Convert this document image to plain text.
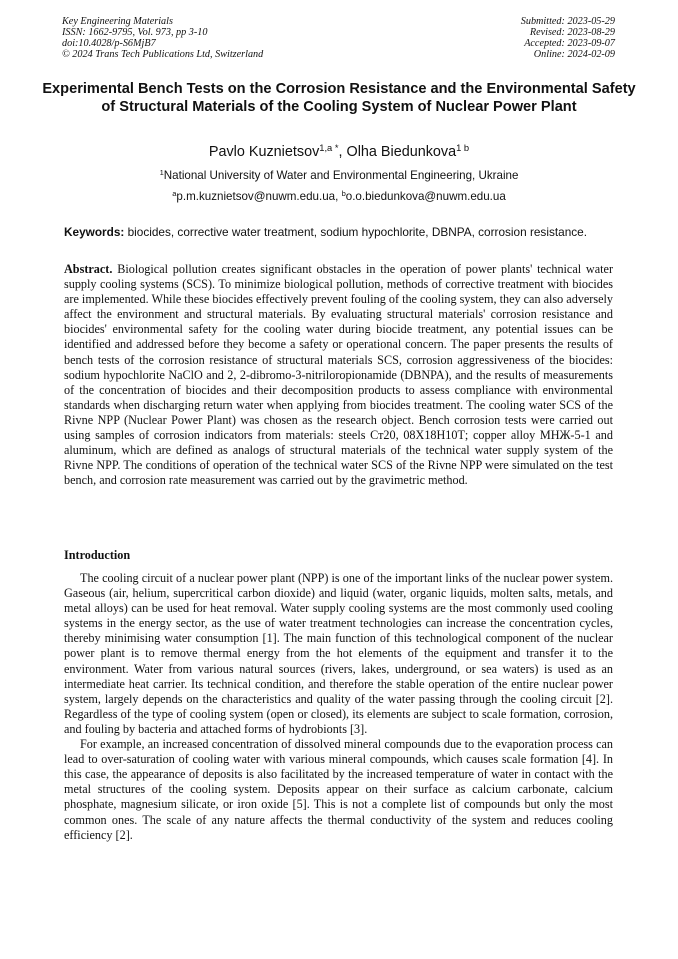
Key Engineering Materials
ISSN: 1662-9795, Vol. 973, pp 3-10
doi:10.4028/p-S6MjB7
© 2024 Trans Tech Publications Ltd, Switzerland
Submitted: 2023-05-29
Revised: 2023-08-29
Accepted: 2023-09-07
Online: 2024-02-09
Experimental Bench Tests on the Corrosion Resistance and the Environmental Safety of Structural Materials of the Cooling System of Nuclear Power Plant
Pavlo Kuznietsov$^{1,a *}$, Olha Biedunkova$^{1 b}$
$^1$National University of Water and Environmental Engineering, Ukraine
$^a$p.m.kuznietsov@nuwm.edu.ua, $^b$o.o.biedunkova@nuwm.edu.ua
Keywords: biocides, corrective water treatment, sodium hypochlorite, DBNPA, corrosion resistance.

Abstract. Biological pollution creates significant obstacles in the operation of power plants' technical water supply cooling systems (SCS). To minimize biological pollution, methods of corrective treatment with biocides are implemented. While these biocides effectively prevent fouling of the cooling system, they can also adversely affect the environment and structural materials. By evaluating structural materials' corrosion resistance and biocides' environmental safety for the cooling water during biocide treatment, any potential issues can be identified and addressed before they become a safety or operational concern. The paper presents the results of bench tests of the corrosion resistance of structural materials SCS, corrosion aggressiveness of the biocides: sodium hypochlorite NaClO and 2, 2-dibromo-3-nitriloropionamide (DBNPA), and the results of measurements of the concentration of biocides and their decomposition products to assess compliance with environmental standards when discharging return water when applying from biocides treatment. The cooling water SCS of the Rivne NPP (Nuclear Power Plant) was chosen as the research object. Bench corrosion tests were carried out using samples of corrosion indicators from materials: steels Ст20, 08Х18Н10Т; copper alloy МНЖ-5-1 and aluminum, which are defined as analogs of structural materials of the technical water supply system of the Rivne NPP. The conditions of operation of the technical water SCS of the Rivne NPP were simulated on the test bench, and corrosion rate measurement was carried out by the gravimetric method.

Introduction

The cooling circuit of a nuclear power plant (NPP) is one of the important links of the nuclear power system. Gaseous (air, helium, supercritical carbon dioxide) and liquid (water, organic liquids, molten salts, metals, and metal alloys) can be used for heat removal. Water supply cooling systems are the most commonly used cooling systems in the energy sector, as the use of water treatment technologies can increase the concentration cycles, thereby minimising water consumption [1]. The main function of this technological component of the nuclear power plant is to remove thermal energy from the hot elements of the equipment and transfer it to the environment. Water from various natural sources (rivers, lakes, underground, or sea waters) is used as an intermediate heat carrier. Its technical condition, and therefore the stable operation of the entire nuclear power system, largely depends on the characteristics and quality of the water passing through the cooling circuit [2]. Regardless of the type of cooling system (open or closed), its elements are subject to scale formation, corrosion, and fouling by bacteria and attached forms of hydrobionts [3].

For example, an increased concentration of dissolved mineral compounds due to the evaporation process can lead to over-saturation of cooling water with various mineral compounds, which causes scale formation [4]. In this case, the appearance of deposits is also facilitated by the increased temperature of water in contact with the metal structures of the cooling system. Deposits appear on their surface as calcium carbonate, calcium phosphate, magnesium silicate, or iron oxide [5]. This is not a complete list of compounds but only the most common ones. The scale of any nature affects the thermal conductivity of the system and reduces cooling efficiency [2].
